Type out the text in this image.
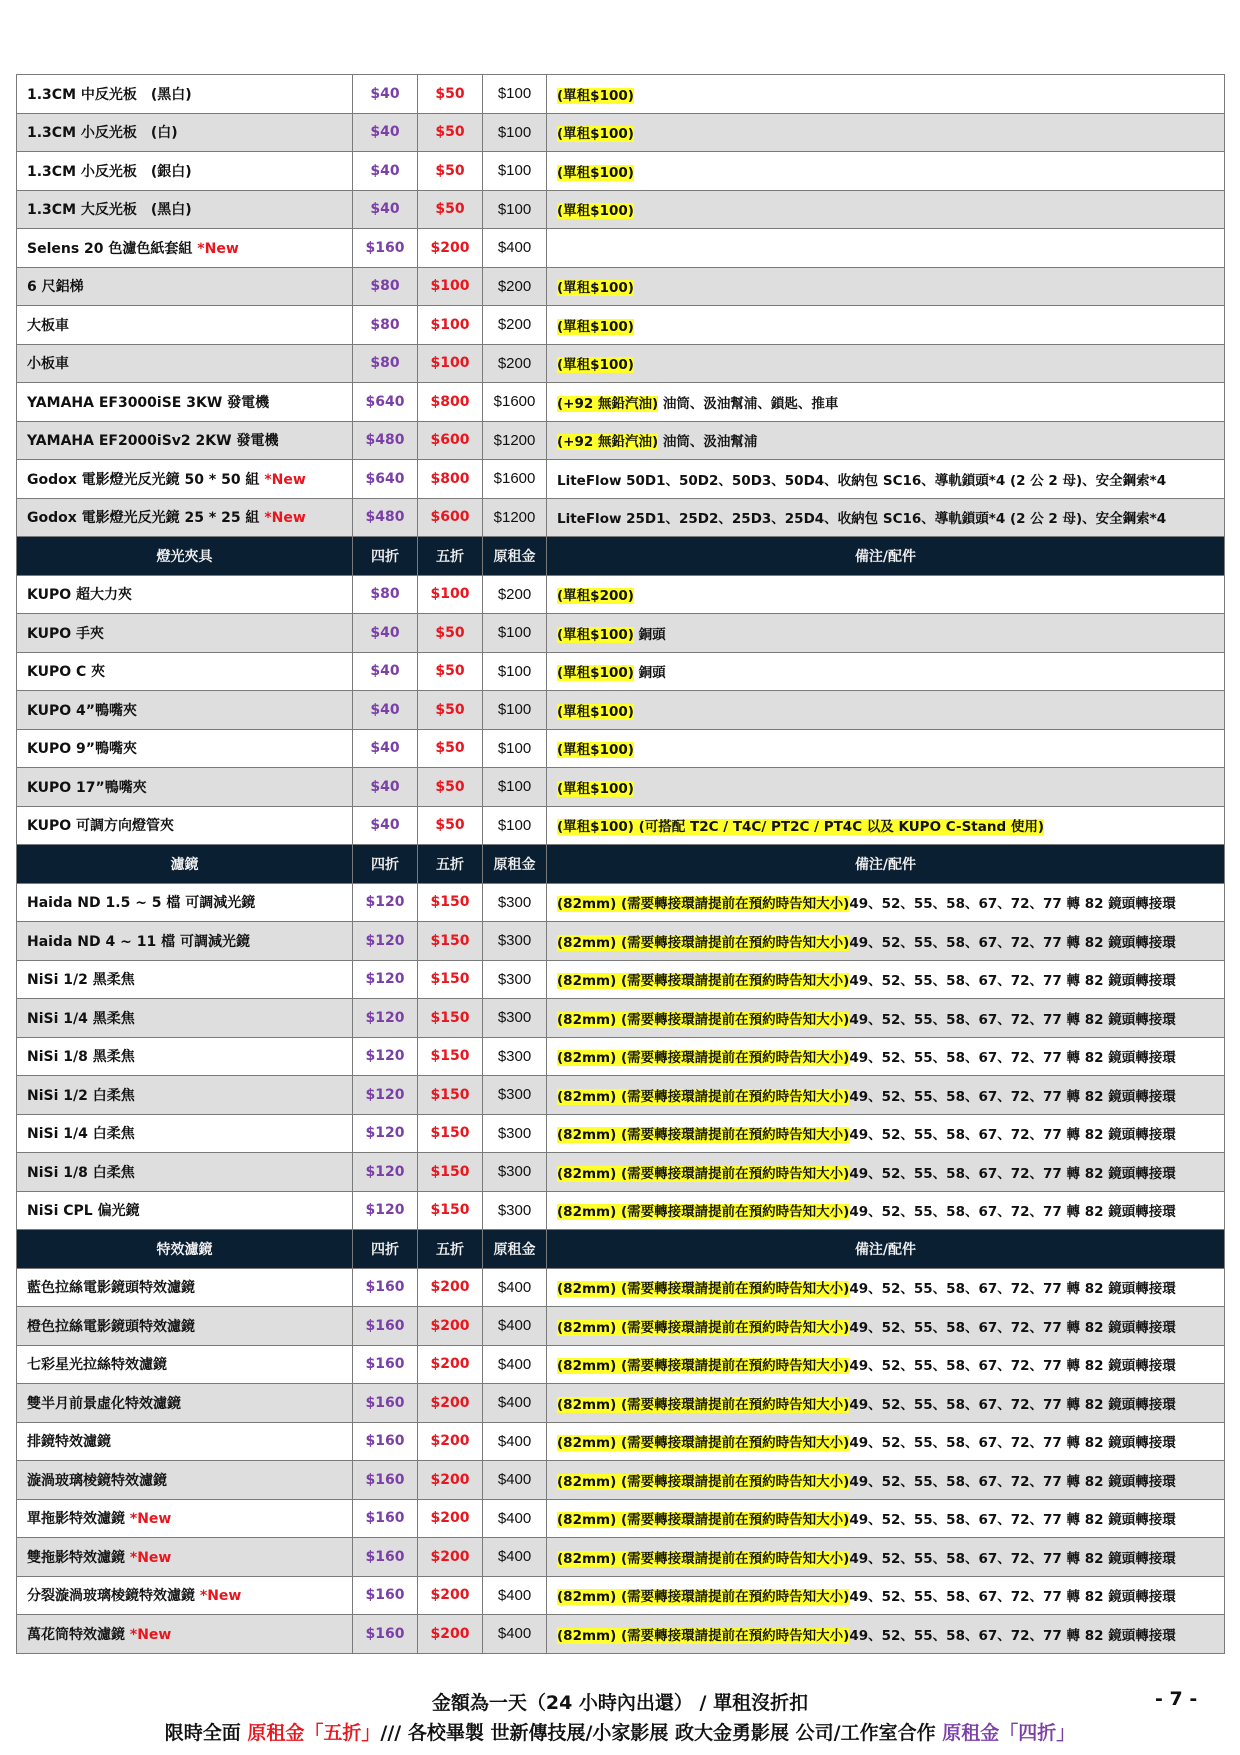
1.3CM 中反光板　(黑白)	$40	$50	$100	(單租$100)
1.3CM 小反光板　(白)	$40	$50	$100	(單租$100)
1.3CM 小反光板　(銀白)	$40	$50	$100	(單租$100)
1.3CM 大反光板　(黑白)	$40	$50	$100	(單租$100)
Selens 20 色濾色紙套組 *New	$160	$200	$400	
6 尺鋁梯	$80	$100	$200	(單租$100)
大板車	$80	$100	$200	(單租$100)
小板車	$80	$100	$200	(單租$100)
YAMAHA EF3000iSE 3KW 發電機	$640	$800	$1600	(+92 無鉛汽油) 油筒、汲油幫浦、鎖匙、推車
YAMAHA EF2000iSv2 2KW 發電機	$480	$600	$1200	(+92 無鉛汽油) 油筒、汲油幫浦
Godox 電影燈光反光鏡 50 * 50 組 *New	$640	$800	$1600	LiteFlow 50D1、50D2、50D3、50D4、收納包 SC16、導軌鎖頭*4 (2 公 2 母)、安全鋼索*4
Godox 電影燈光反光鏡 25 * 25 組 *New	$480	$600	$1200	LiteFlow 25D1、25D2、25D3、25D4、收納包 SC16、導軌鎖頭*4 (2 公 2 母)、安全鋼索*4
燈光夾具	四折	五折	原租金	備注/配件
KUPO 超大力夾	$80	$100	$200	(單租$200)
KUPO 手夾	$40	$50	$100	(單租$100) 銅頭
KUPO C 夾	$40	$50	$100	(單租$100) 銅頭
KUPO 4”鴨嘴夾	$40	$50	$100	(單租$100)
KUPO 9”鴨嘴夾	$40	$50	$100	(單租$100)
KUPO 17”鴨嘴夾	$40	$50	$100	(單租$100)
KUPO 可調方向燈管夾	$40	$50	$100	(單租$100) (可搭配 T2C / T4C/ PT2C / PT4C 以及 KUPO C-Stand 使用)
濾鏡	四折	五折	原租金	備注/配件
Haida ND 1.5 ~ 5 檔 可調減光鏡	$120	$150	$300	(82mm) (需要轉接環請提前在預約時告知大小)49、52、55、58、67、72、77 轉 82 鏡頭轉接環
Haida ND 4 ~ 11 檔 可調減光鏡	$120	$150	$300	(82mm) (需要轉接環請提前在預約時告知大小)49、52、55、58、67、72、77 轉 82 鏡頭轉接環
NiSi 1/2 黑柔焦	$120	$150	$300	(82mm) (需要轉接環請提前在預約時告知大小)49、52、55、58、67、72、77 轉 82 鏡頭轉接環
NiSi 1/4 黑柔焦	$120	$150	$300	(82mm) (需要轉接環請提前在預約時告知大小)49、52、55、58、67、72、77 轉 82 鏡頭轉接環
NiSi 1/8 黑柔焦	$120	$150	$300	(82mm) (需要轉接環請提前在預約時告知大小)49、52、55、58、67、72、77 轉 82 鏡頭轉接環
NiSi 1/2 白柔焦	$120	$150	$300	(82mm) (需要轉接環請提前在預約時告知大小)49、52、55、58、67、72、77 轉 82 鏡頭轉接環
NiSi 1/4 白柔焦	$120	$150	$300	(82mm) (需要轉接環請提前在預約時告知大小)49、52、55、58、67、72、77 轉 82 鏡頭轉接環
NiSi 1/8 白柔焦	$120	$150	$300	(82mm) (需要轉接環請提前在預約時告知大小)49、52、55、58、67、72、77 轉 82 鏡頭轉接環
NiSi CPL 偏光鏡	$120	$150	$300	(82mm) (需要轉接環請提前在預約時告知大小)49、52、55、58、67、72、77 轉 82 鏡頭轉接環
特效濾鏡	四折	五折	原租金	備注/配件
藍色拉絲電影鏡頭特效濾鏡	$160	$200	$400	(82mm) (需要轉接環請提前在預約時告知大小)49、52、55、58、67、72、77 轉 82 鏡頭轉接環
橙色拉絲電影鏡頭特效濾鏡	$160	$200	$400	(82mm) (需要轉接環請提前在預約時告知大小)49、52、55、58、67、72、77 轉 82 鏡頭轉接環
七彩星光拉絲特效濾鏡	$160	$200	$400	(82mm) (需要轉接環請提前在預約時告知大小)49、52、55、58、67、72、77 轉 82 鏡頭轉接環
雙半月前景虛化特效濾鏡	$160	$200	$400	(82mm) (需要轉接環請提前在預約時告知大小)49、52、55、58、67、72、77 轉 82 鏡頭轉接環
排鏡特效濾鏡	$160	$200	$400	(82mm) (需要轉接環請提前在預約時告知大小)49、52、55、58、67、72、77 轉 82 鏡頭轉接環
漩渦玻璃棱鏡特效濾鏡	$160	$200	$400	(82mm) (需要轉接環請提前在預約時告知大小)49、52、55、58、67、72、77 轉 82 鏡頭轉接環
單拖影特效濾鏡 *New	$160	$200	$400	(82mm) (需要轉接環請提前在預約時告知大小)49、52、55、58、67、72、77 轉 82 鏡頭轉接環
雙拖影特效濾鏡 *New	$160	$200	$400	(82mm) (需要轉接環請提前在預約時告知大小)49、52、55、58、67、72、77 轉 82 鏡頭轉接環
分裂漩渦玻璃棱鏡特效濾鏡 *New	$160	$200	$400	(82mm) (需要轉接環請提前在預約時告知大小)49、52、55、58、67、72、77 轉 82 鏡頭轉接環
萬花筒特效濾鏡 *New	$160	$200	$400	(82mm) (需要轉接環請提前在預約時告知大小)49、52、55、58、67、72、77 轉 82 鏡頭轉接環
金額為一天（24 小時內出還） / 單租沒折扣	- 7 -
限時全面 原租金「五折」/// 各校畢製 世新傳技展/小家影展 政大金勇影展 公司/工作室合作 原租金「四折」
